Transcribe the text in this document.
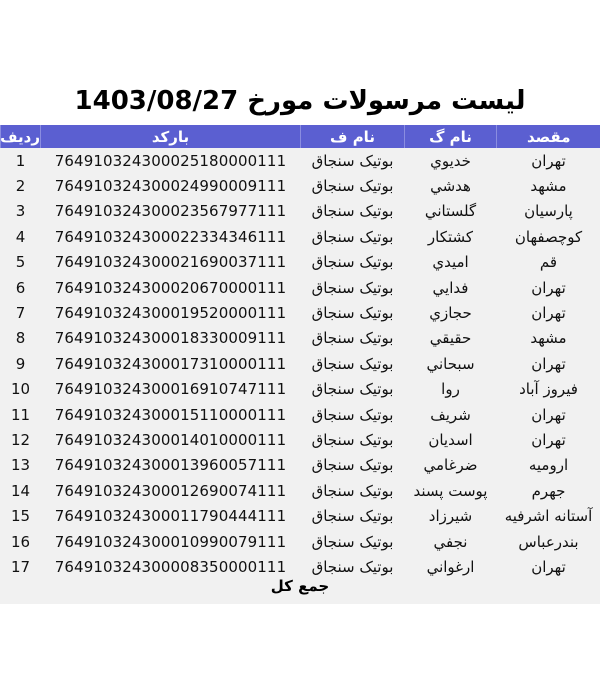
لیست مرسولات مورخ 1403/08/27
مقصد	نام گ	نام ف	بارکد	ردیف
تهران	خديوي	بوتیک سنجاق	764910324300025180000111	1
مشهد	هدشي	بوتیک سنجاق	764910324300024990009111	2
پارسيان	گلستاني	بوتیک سنجاق	764910324300023567977111	3
كوچصفهان	كشتكار	بوتیک سنجاق	764910324300022334346111	4
قم	اميدي	بوتیک سنجاق	764910324300021690037111	5
تهران	فدايي	بوتیک سنجاق	764910324300020670000111	6
تهران	حجازي	بوتیک سنجاق	764910324300019520000111	7
مشهد	حقيقي	بوتیک سنجاق	764910324300018330009111	8
تهران	سبحاني	بوتیک سنجاق	764910324300017310000111	9
فيروز آباد	روا	بوتیک سنجاق	764910324300016910747111	10
تهران	شريف	بوتیک سنجاق	764910324300015110000111	11
تهران	اسديان	بوتیک سنجاق	764910324300014010000111	12
اروميه	ضرغامي	بوتیک سنجاق	764910324300013960057111	13
جهرم	پوست پسند	بوتیک سنجاق	764910324300012690074111	14
آستانه اشرفيه	شيرزاد	بوتیک سنجاق	764910324300011790444111	15
بندرعباس	نجفي	بوتیک سنجاق	764910324300010990079111	16
تهران	ارغواني	بوتیک سنجاق	764910324300008350000111	17
جمع کل
